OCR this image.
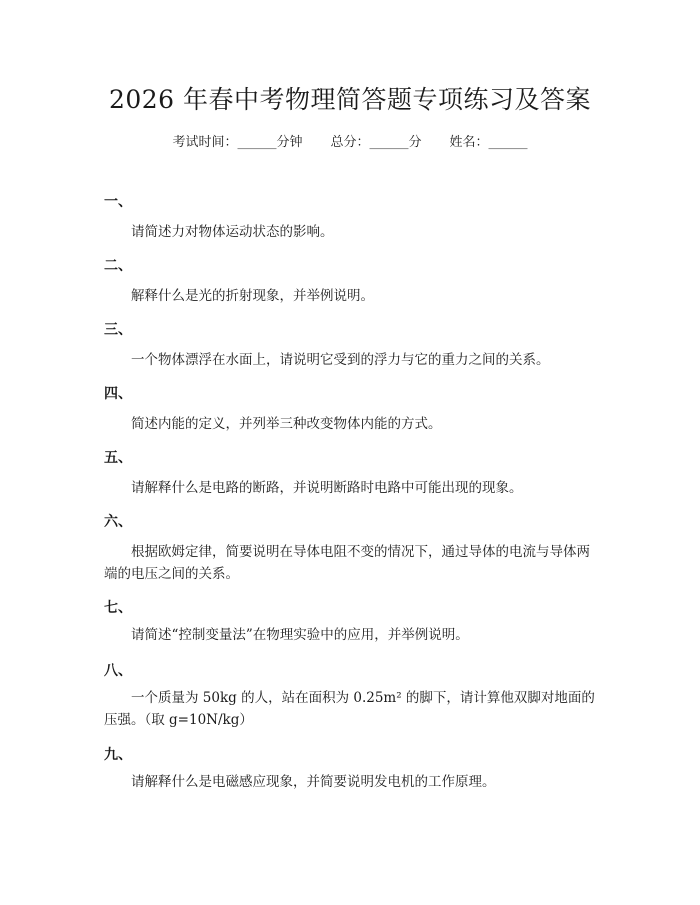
2026 年春中考物理简答题专项练习及答案
考试时间：______分钟 总分：______分 姓名：______
一、
请简述力对物体运动状态的影响。
二、
解释什么是光的折射现象，并举例说明。
三、
一个物体漂浮在水面上，请说明它受到的浮力与它的重力之间的关系。
四、
简述内能的定义，并列举三种改变物体内能的方式。
五、
请解释什么是电路的断路，并说明断路时电路中可能出现的现象。
六、
根据欧姆定律，简要说明在导体电阻不变的情况下，通过导体的电流与导体两端的电压之间的关系。
七、
请简述“控制变量法”在物理实验中的应用，并举例说明。
八、
一个质量为 50kg 的人，站在面积为 0.25m² 的脚下，请计算他双脚对地面的压强。（取 g=10N/kg）
九、
请解释什么是电磁感应现象，并简要说明发电机的工作原理。
